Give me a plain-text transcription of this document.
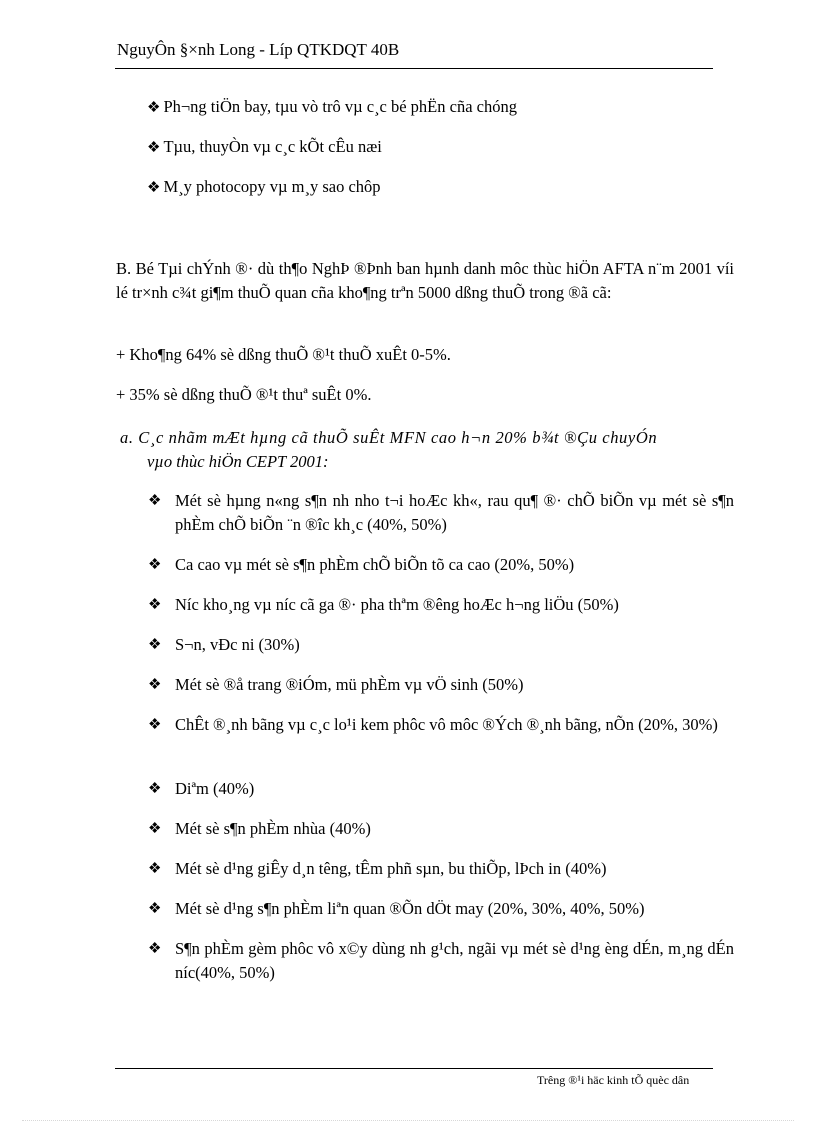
NguyÔn §×nh Long - Líp QTKDQT 40B
❖ Ph¬ng tiÖn bay, tµu vò trô vµ c¸c bé phËn cña chóng
❖ Tµu, thuyÒn vµ c¸c kÕt cÊu næi
❖ M¸y photocopy vµ m¸y sao chôp
B. Bé Tµi chÝnh ®· dù th¶o NghÞ ®Þnh ban hµnh danh môc thùc hiÖn AFTA n¨m 2001 víi lé tr×nh c¾t gi¶m thuÕ quan cña kho¶ng trªn 5000 dßng thuÕ trong ®ã cã:
+ Kho¶ng 64% sè dßng thuÕ ®¹t thuÕ xuÊt 0-5%.
+ 35% sè dßng thuÕ ®¹t thuª suÊt 0%.
a. C¸c nhãm mÆt hµng cã thuÕ suÊt MFN cao h¬n 20% b¾t ®Çu chuyÓn
vµo thùc hiÖn CEPT 2001:
❖ Mét sè hµng n«ng s¶n nh nho t¬i hoÆc kh«, rau qu¶ ®· chÕ biÕn vµ mét sè s¶n phÈm chÕ biÕn ¨n ®îc kh¸c (40%, 50%)
❖ Ca cao vµ mét sè s¶n phÈm chÕ biÕn tõ ca cao (20%, 50%)
❖ Níc kho¸ng vµ níc cã ga ®· pha thªm ®êng hoÆc h¬ng liÖu (50%)
❖ S¬n, vÐc ni (30%)
❖ Mét sè ®å trang ®iÓm, mü phÈm vµ vÖ sinh (50%)
❖ ChÊt ®¸nh bãng vµ c¸c lo¹i kem phôc vô môc ®Ých ®¸nh bãng, nÕn (20%, 30%)
❖ Diªm (40%)
❖ Mét sè s¶n phÈm nhùa (40%)
❖ Mét sè d¹ng giÊy d¸n têng, tÊm phñ sµn, bu thiÕp, lÞch in (40%)
❖ Mét sè d¹ng s¶n phÈm liªn quan ®Õn dÖt may (20%, 30%, 40%, 50%)
❖ S¶n phÈm gèm phôc vô x©y dùng nh g¹ch, ngãi vµ mét sè d¹ng èng dÉn, m¸ng dÉn níc(40%, 50%)
Trêng ®¹i häc kinh tÕ quèc dân
